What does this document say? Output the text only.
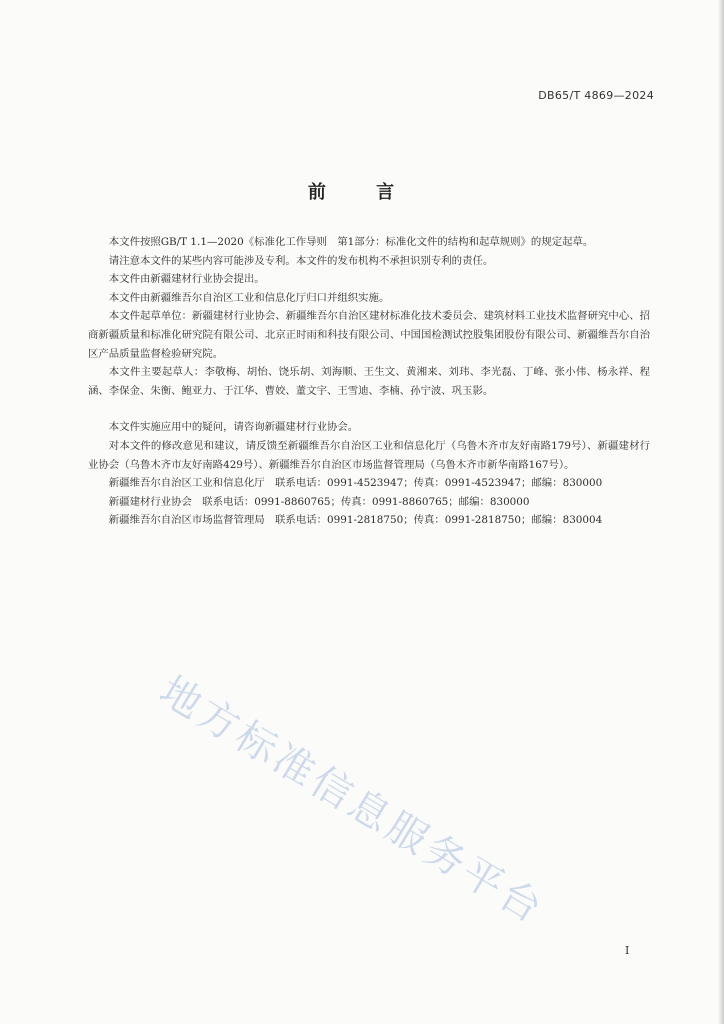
DB65/T 4869—2024
前 言

本文件按照GB/T 1.1—2020《标准化工作导则　第1部分：标准化文件的结构和起草规则》的规定起草。

请注意本文件的某些内容可能涉及专利。本文件的发布机构不承担识别专利的责任。

本文件由新疆建材行业协会提出。

本文件由新疆维吾尔自治区工业和信息化厅归口并组织实施。

本文件起草单位：新疆建材行业协会、新疆维吾尔自治区建材标准化技术委员会、建筑材料工业技术监督研究中心、招商新疆质量和标准化研究院有限公司、北京正时雨和科技有限公司、中国国检测试控股集团股份有限公司、新疆维吾尔自治区产品质量监督检验研究院。

本文件主要起草人：李敬梅、胡怡、饶乐胡、刘海顺、王生文、黄湘来、刘玮、李光磊、丁峰、张小伟、杨永祥、程涵、李保金、朱衡、鲍亚力、于江华、曹姣、董文宇、王雪迪、李楠、孙宁波、巩玉影。

本文件实施应用中的疑问，请咨询新疆建材行业协会。

对本文件的修改意见和建议，请反馈至新疆维吾尔自治区工业和信息化厅（乌鲁木齐市友好南路179号）、新疆建材行业协会（乌鲁木齐市友好南路429号）、新疆维吾尔自治区市场监督管理局（乌鲁木齐市新华南路167号）。

新疆维吾尔自治区工业和信息化厅　联系电话：0991-4523947；传真：0991-4523947；邮编：830000

新疆建材行业协会　联系电话：0991-8860765；传真：0991-8860765；邮编：830000

新疆维吾尔自治区市场监督管理局　联系电话：0991-2818750；传真：0991-2818750；邮编：830004

地方标准信息服务平台
I
